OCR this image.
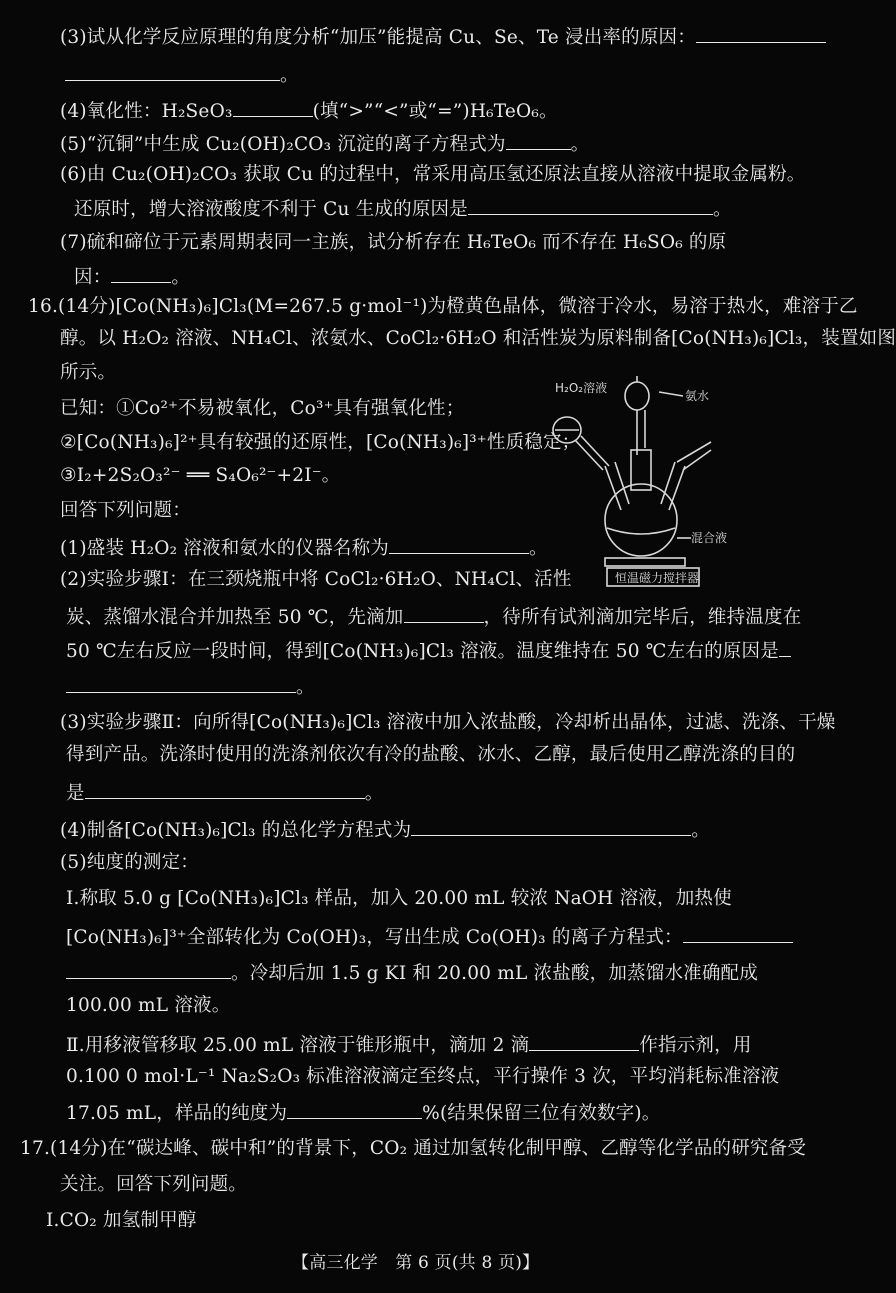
(3)试从化学反应原理的角度分析“加压”能提高 Cu、Se、Te 浸出率的原因：
。
(4)氧化性：H₂SeO₃	(填“>”“<”或“=”)H₆TeO₆。
(5)“沉铜”中生成 Cu₂(OH)₂CO₃ 沉淀的离子方程式为	。
(6)由 Cu₂(OH)₂CO₃ 获取 Cu 的过程中，常采用高压氢还原法直接从溶液中提取金属粉。
还原时，增大溶液酸度不利于 Cu 生成的原因是	。
(7)硫和碲位于元素周期表同一主族，试分析存在 H₆TeO₆ 而不存在 H₆SO₆ 的原
因：	。
16.(14分)[Co(NH₃)₆]Cl₃(M=267.5 g·mol⁻¹)为橙黄色晶体，微溶于冷水，易溶于热水，难溶于乙
醇。以 H₂O₂ 溶液、NH₄Cl、浓氨水、CoCl₂·6H₂O 和活性炭为原料制备[Co(NH₃)₆]Cl₃，装置如图
所示。
已知：①Co²⁺不易被氧化，Co³⁺具有强氧化性；
②[Co(NH₃)₆]²⁺具有较强的还原性，[Co(NH₃)₆]³⁺性质稳定；
③I₂+2S₂O₃²⁻ ══ S₄O₆²⁻+2I⁻。
回答下列问题：
(1)盛装 H₂O₂ 溶液和氨水的仪器名称为	。
(2)实验步骤Ⅰ：在三颈烧瓶中将 CoCl₂·6H₂O、NH₄Cl、活性
炭、蒸馏水混合并加热至 50 ℃，先滴加	，待所有试剂滴加完毕后，维持温度在
50 ℃左右反应一段时间，得到[Co(NH₃)₆]Cl₃ 溶液。温度维持在 50 ℃左右的原因是
。
(3)实验步骤Ⅱ：向所得[Co(NH₃)₆]Cl₃ 溶液中加入浓盐酸，冷却析出晶体，过滤、洗涤、干燥
得到产品。洗涤时使用的洗涤剂依次有冷的盐酸、冰水、乙醇，最后使用乙醇洗涤的目的
是	。
(4)制备[Co(NH₃)₆]Cl₃ 的总化学方程式为	。
(5)纯度的测定：
Ⅰ.称取 5.0 g [Co(NH₃)₆]Cl₃ 样品，加入 20.00 mL 较浓 NaOH 溶液，加热使
[Co(NH₃)₆]³⁺全部转化为 Co(OH)₃，写出生成 Co(OH)₃ 的离子方程式：
。冷却后加 1.5 g KI 和 20.00 mL 浓盐酸，加蒸馏水准确配成
100.00 mL 溶液。
Ⅱ.用移液管移取 25.00 mL 溶液于锥形瓶中，滴加 2 滴	作指示剂，用
0.100 0 mol·L⁻¹ Na₂S₂O₃ 标准溶液滴定至终点，平行操作 3 次，平均消耗标准溶液
17.05 mL，样品的纯度为	%(结果保留三位有效数字)。
17.(14分)在“碳达峰、碳中和”的背景下，CO₂ 通过加氢转化制甲醇、乙醇等化学品的研究备受
关注。回答下列问题。
Ⅰ.CO₂ 加氢制甲醇
【高三化学　第 6 页(共 8 页)】
H₂O₂溶液
氨水
混合液
恒温磁力搅拌器
